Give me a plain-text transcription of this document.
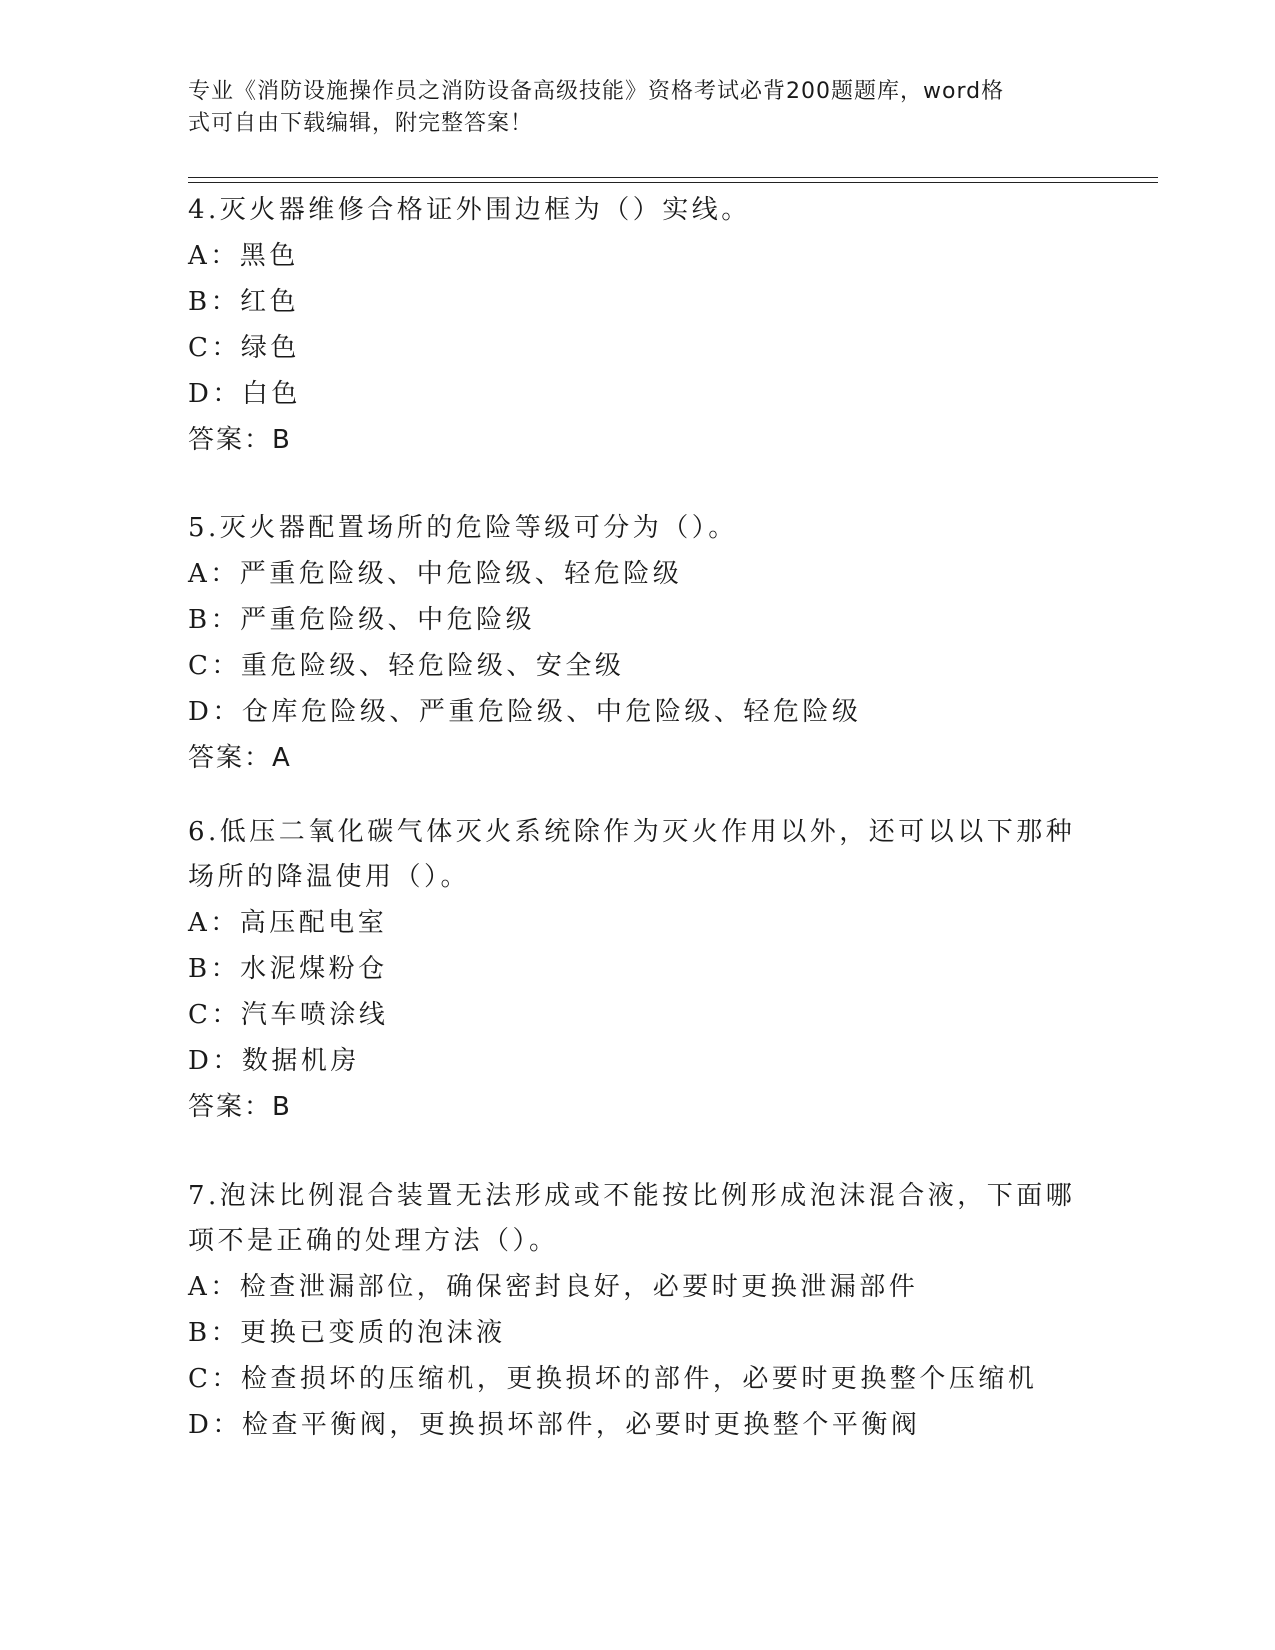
专业《消防设施操作员之消防设备高级技能》资格考试必背200题题库，word格
式可自由下载编辑，附完整答案！

4.灭火器维修合格证外围边框为（）实线。

A：黑色

B：红色

C：绿色

D：白色

答案：B

5.灭火器配置场所的危险等级可分为（）。

A：严重危险级、中危险级、轻危险级

B：严重危险级、中危险级

C：重危险级、轻危险级、安全级

D：仓库危险级、严重危险级、中危险级、轻危险级

答案：A

6.低压二氧化碳气体灭火系统除作为灭火作用以外，还可以以下那种

场所的降温使用（）。

A：高压配电室

B：水泥煤粉仓

C：汽车喷涂线

D：数据机房

答案：B

7.泡沫比例混合装置无法形成或不能按比例形成泡沫混合液，下面哪

项不是正确的处理方法（）。

A：检查泄漏部位，确保密封良好，必要时更换泄漏部件

B：更换已变质的泡沫液

C：检查损坏的压缩机，更换损坏的部件，必要时更换整个压缩机

D：检查平衡阀，更换损坏部件，必要时更换整个平衡阀
